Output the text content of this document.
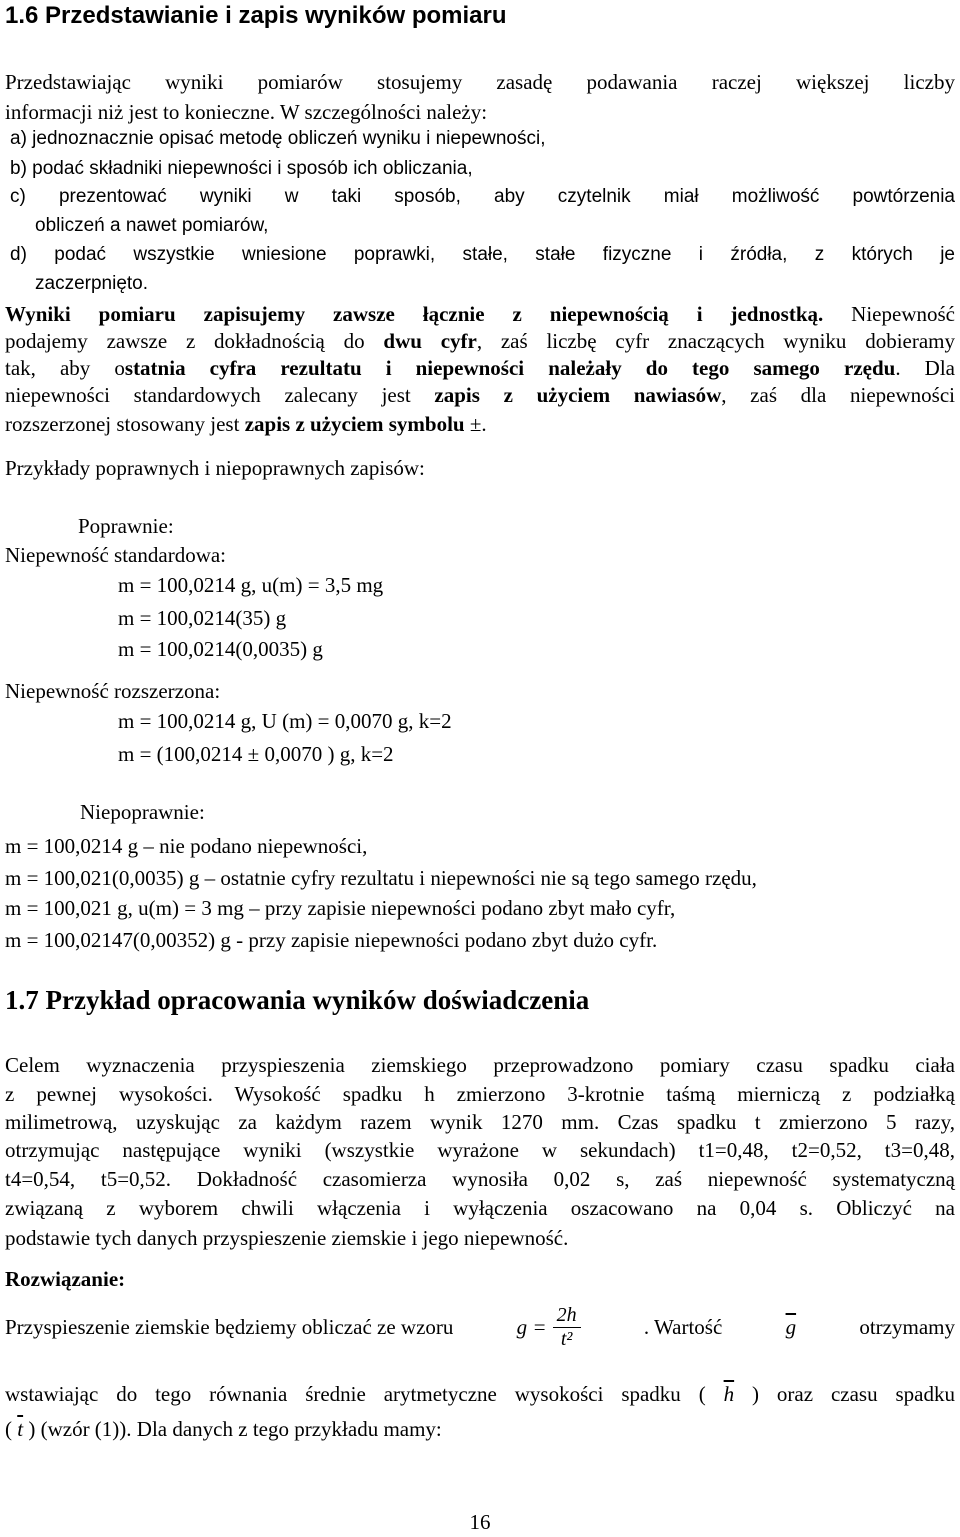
1.6 Przedstawianie i zapis wyników pomiaru

Przedstawiając wyniki pomiarów stosujemy zasadę podawania raczej większej liczby

informacji niż jest to konieczne. W szczególności należy:

a) jednoznacznie opisać metodę obliczeń wyniku i niepewności,

b) podać składniki niepewności i sposób ich obliczania,

c) prezentować wyniki w taki sposób, aby czytelnik miał możliwość powtórzenia

obliczeń a nawet pomiarów,

d) podać wszystkie wniesione poprawki, stałe, stałe fizyczne i źródła, z których je

zaczerpnięto.

Wyniki pomiaru zapisujemy zawsze łącznie z niepewnością i jednostką. Niepewność

podajemy zawsze z dokładnością do dwu cyfr, zaś liczbę cyfr znaczących wyniku dobieramy

tak, aby ostatnia cyfra rezultatu i niepewności należały do tego samego rzędu. Dla

niepewności standardowych zalecany jest zapis z użyciem nawiasów, zaś dla niepewności

rozszerzonej stosowany jest zapis z użyciem symbolu ±.

Przykłady poprawnych i niepoprawnych zapisów:

Poprawnie:

Niepewność standardowa:

m = 100,0214 g, u(m) = 3,5 mg

m = 100,0214(35) g

m = 100,0214(0,0035) g

Niepewność rozszerzona:

m = 100,0214 g, U (m) = 0,0070 g, k=2

m = (100,0214 ± 0,0070 ) g, k=2

Niepoprawnie:

m = 100,0214 g – nie podano niepewności,

m = 100,021(0,0035) g – ostatnie cyfry rezultatu i niepewności nie są tego samego rzędu,

m = 100,021 g, u(m) = 3 mg – przy zapisie niepewności podano zbyt mało cyfr,

m = 100,02147(0,00352) g - przy zapisie niepewności podano zbyt dużo cyfr.

1.7 Przykład opracowania wyników doświadczenia

Celem wyznaczenia przyspieszenia ziemskiego przeprowadzono pomiary czasu spadku ciała

z pewnej wysokości. Wysokość spadku h zmierzono 3-krotnie taśmą mierniczą z podziałką

milimetrową, uzyskując za każdym razem wynik 1270 mm. Czas spadku t zmierzono 5 razy,

otrzymując następujące wyniki (wszystkie wyrażone w sekundach) t1=0,48, t2=0,52, t3=0,48,

t4=0,54, t5=0,52. Dokładność czasomierza wynosiła 0,02 s, zaś niepewność systematyczną

związaną z wyborem chwili włączenia i wyłączenia oszacowano na 0,04 s. Obliczyć na

podstawie tych danych przyspieszenie ziemskie i jego niepewność.

Rozwiązanie:

Przyspieszenie ziemskie będziemy obliczać ze wzoru	$g = \frac{2h}{\text{t²}}$	. Wartość	$\overline{g}$	otrzymamy

wstawiając do tego równania średnie arytmetyczne wysokości spadku ( $\overline{h}$ ) oraz czasu spadku

( $\overline{t}$ ) (wzór (1)). Dla danych z tego przykładu mamy:

16
